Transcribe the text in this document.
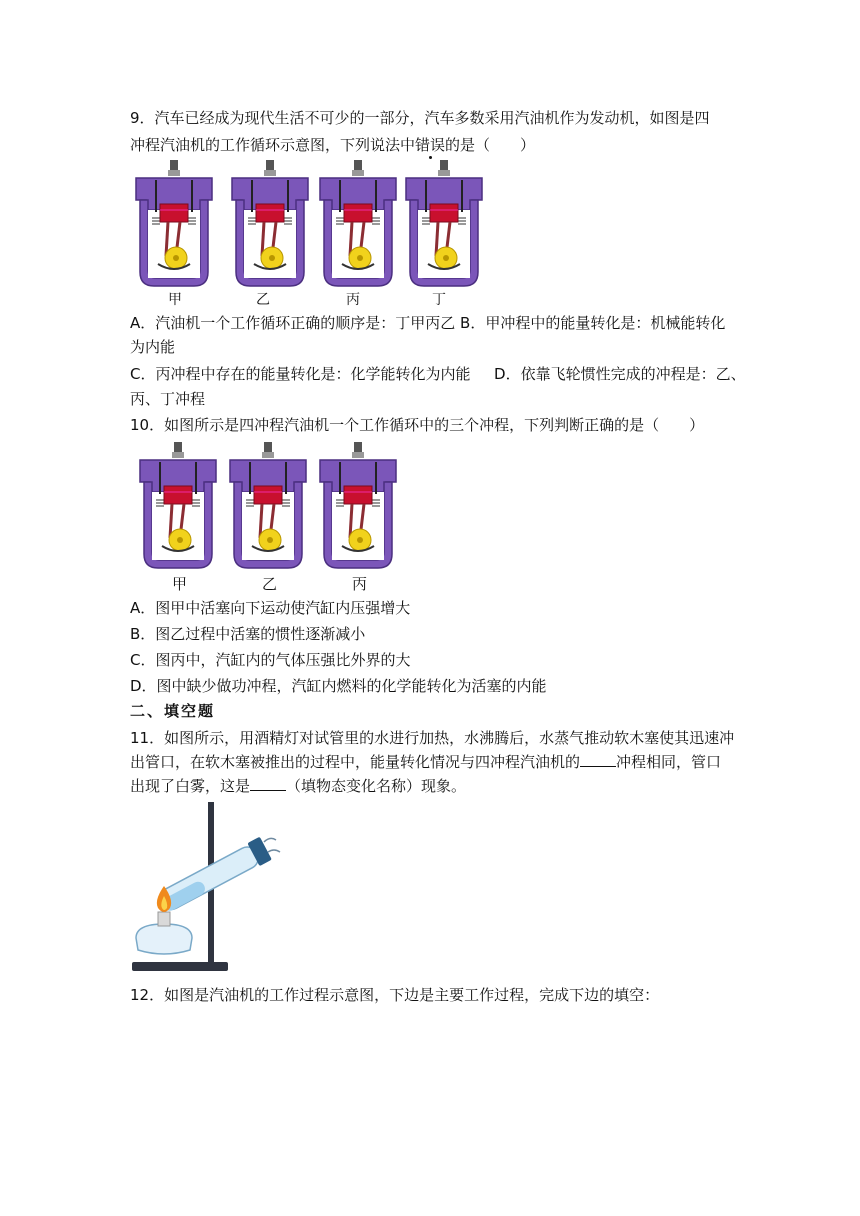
9．汽车已经成为现代生活不可少的一部分，汽车多数采用汽油机作为发动机，如图是四
冲程汽油机的工作循环示意图，下列说法中错误的是（　　）
甲	乙	丙	丁
A．汽油机一个工作循环正确的顺序是：丁甲丙乙 B．甲冲程中的能量转化是：机械能转化
为内能
C．丙冲程中存在的能量转化是：化学能转化为内能 D．依靠飞轮惯性完成的冲程是：乙、
丙、丁冲程
10．如图所示是四冲程汽油机一个工作循环中的三个冲程，下列判断正确的是（　　）
甲	乙	丙
A．图甲中活塞向下运动使汽缸内压强增大
B．图乙过程中活塞的惯性逐渐减小
C．图丙中，汽缸内的气体压强比外界的大
D．图中缺少做功冲程，汽缸内燃料的化学能转化为活塞的内能
二、填空题
11．如图所示，用酒精灯对试管里的水进行加热，水沸腾后，水蒸气推动软木塞使其迅速冲
出管口，在软木塞被推出的过程中，能量转化情况与四冲程汽油机的 冲程相同，管口
出现了白雾，这是 （填物态变化名称）现象。
12．如图是汽油机的工作过程示意图，下边是主要工作过程，完成下边的填空：
